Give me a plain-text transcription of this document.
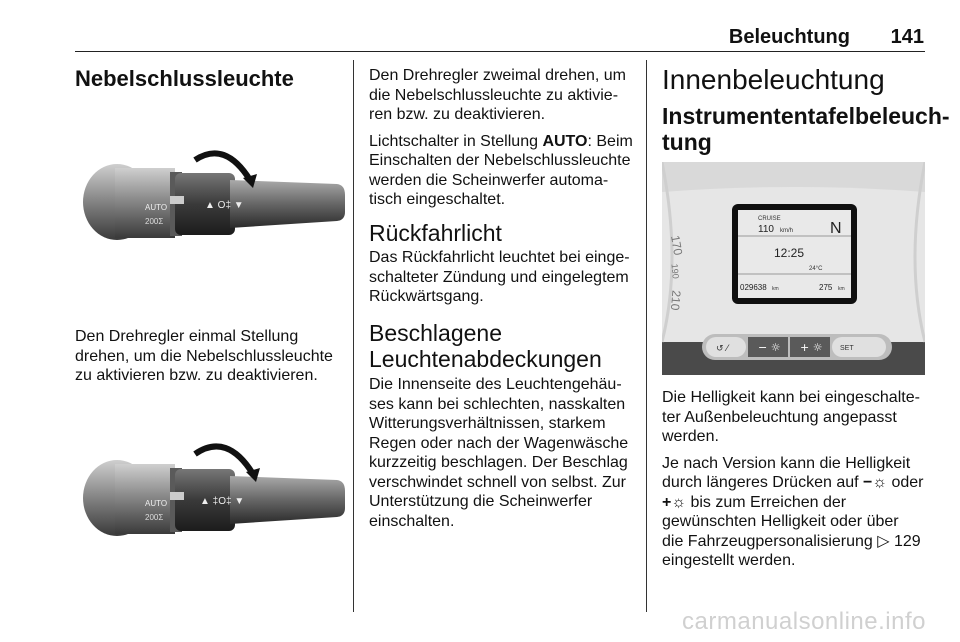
Beleuchtung	141
Nebelschlussleuchte
AUTO
200Σ
▲ O‡ ▼
Den Drehregler einmal Stellung drehen, um die Nebelschlussleuchte zu aktivieren bzw. zu deaktivieren.
AUTO
200Σ
▲ ‡O‡ ▼

Den Drehregler zweimal drehen, um die Nebelschlussleuchte zu aktivieren bzw. zu deaktivieren.

Lichtschalter in Stellung AUTO: Beim Einschalten der Nebelschlussleuchte werden die Scheinwerfer automatisch eingeschaltet.

Rückfahrlicht
Das Rückfahrlicht leuchtet bei eingeschalteter Zündung und eingelegtem Rückwärtsgang.
Beschlagene Leuchtenabdeckungen
Die Innenseite des Leuchtengehäuses kann bei schlechten, nasskalten Witterungsverhältnissen, starkem Regen oder nach der Wagenwäsche kurzzeitig beschlagen. Der Beschlag verschwindet schnell von selbst. Zur Unterstützung die Scheinwerfer einschalten.
Innenbeleuchtung
Instrumententafelbeleuchtung
CRUISE
110 km/h N
12:25
24°C
029638 km	275 km
170
190
210
− ☼ + ☼
↺ ⁄	SET

Die Helligkeit kann bei eingeschalteter Außenbeleuchtung angepasst werden.

Je nach Version kann die Helligkeit durch längeres Drücken auf −☼ oder +☼ bis zum Erreichen der gewünschten Helligkeit oder über die Fahrzeugpersonalisierung ▷ 129 eingestellt werden.

carmanualsonline.info
